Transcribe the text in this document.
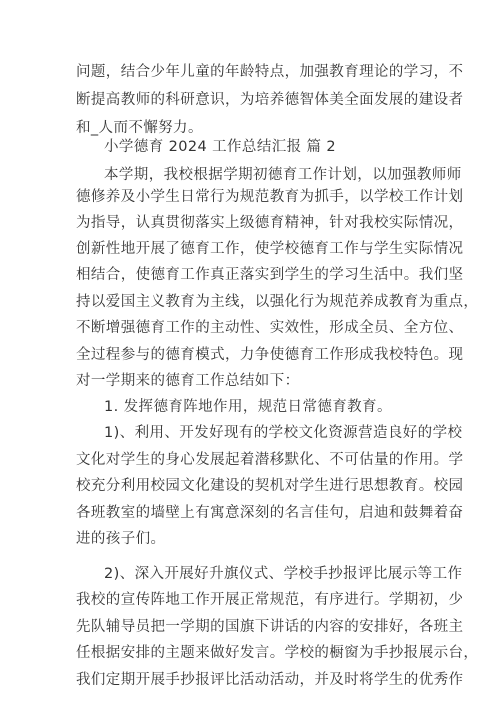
问题，结合少年儿童的年龄特点，加强教育理论的学习，不
断提高教师的科研意识，为培养德智体美全面发展的建设者
和_人而不懈努力。
小学德育 2024 工作总结汇报 篇 2
本学期，我校根据学期初德育工作计划，以加强教师师
德修养及小学生日常行为规范教育为抓手，以学校工作计划
为指导，认真贯彻落实上级德育精神，针对我校实际情况，
创新性地开展了德育工作，使学校德育工作与学生实际情况
相结合，使德育工作真正落实到学生的学习生活中。我们坚
持以爱国主义教育为主线，以强化行为规范养成教育为重点，
不断增强德育工作的主动性、实效性，形成全员、全方位、
全过程参与的德育模式，力争使德育工作形成我校特色。现
对一学期来的德育工作总结如下：
1. 发挥德育阵地作用，规范日常德育教育。
1)、利用、开发好现有的学校文化资源营造良好的学校
文化对学生的身心发展起着潜移默化、不可估量的作用。学
校充分利用校园文化建设的契机对学生进行思想教育。校园
各班教室的墙壁上有寓意深刻的名言佳句，启迪和鼓舞着奋
进的孩子们。
2)、深入开展好升旗仪式、学校手抄报评比展示等工作
我校的宣传阵地工作开展正常规范，有序进行。学期初，少
先队辅导员把一学期的国旗下讲话的内容的安排好，各班主
任根据安排的主题来做好发言。学校的橱窗为手抄报展示台，
我们定期开展手抄报评比活动活动，并及时将学生的优秀作
